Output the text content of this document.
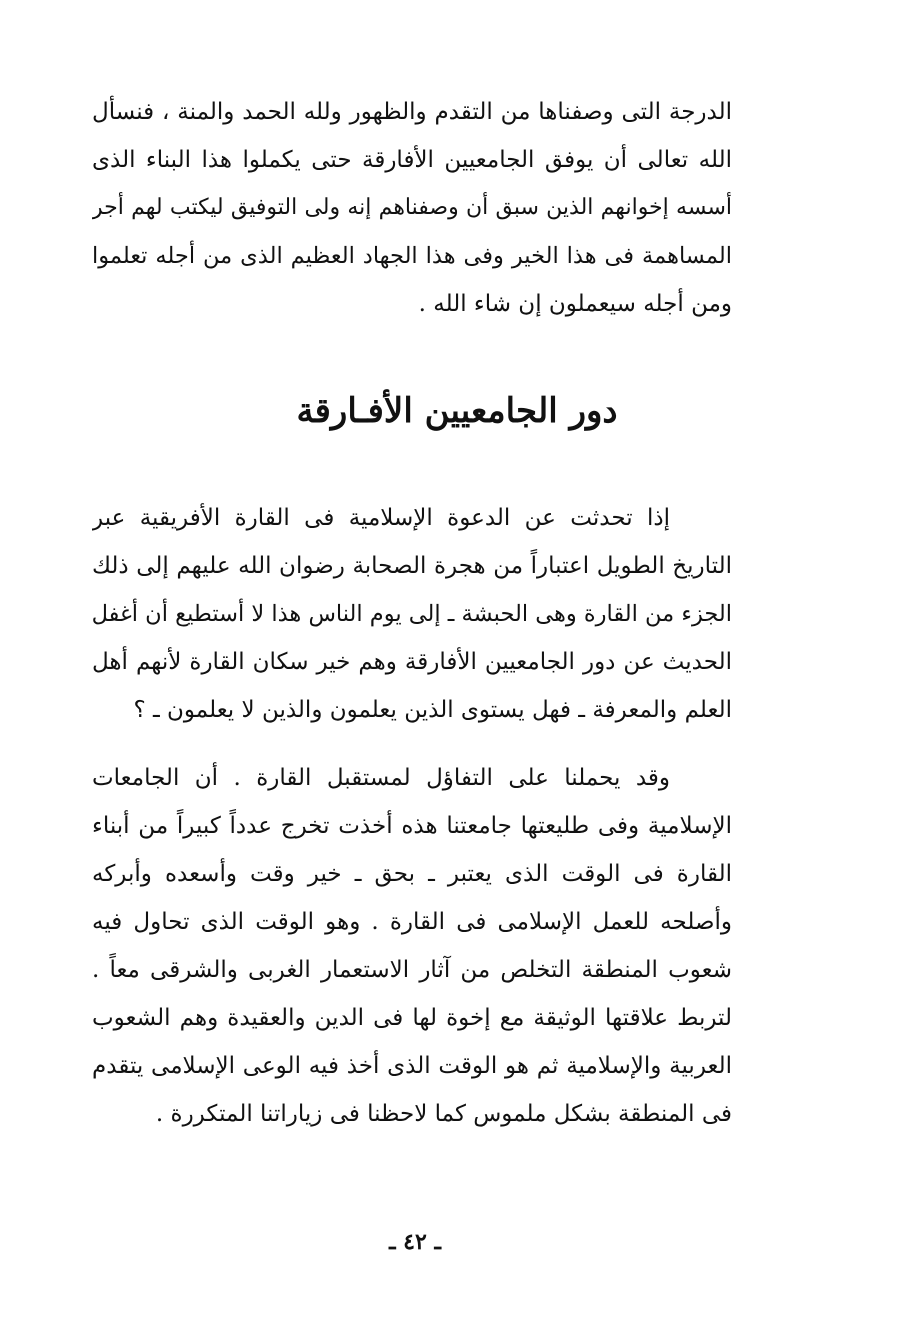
الدرجة التى وصفناها من التقدم والظهور ولله الحمد والمنة ، فنسأل
الله تعالى أن يوفق الجامعيين الأفارقة حتى يكملوا هذا البناء الذى
أسسه إخوانهم الذين سبق أن وصفناهم إنه ولى التوفيق ليكتب لهم أجر
المساهمة فى هذا الخير وفى هذا الجهاد العظيم الذى من أجله تعلموا
ومن أجله سيعملون إن شاء الله .
دور الجامعيين الأفـارقة
إذا تحدثت عن الدعوة الإسلامية فى القارة الأفريقية عبر
التاريخ الطويل اعتباراً من هجرة الصحابة رضوان الله عليهم إلى ذلك
الجزء من القارة وهى الحبشة ـ إلى يوم الناس هذا لا أستطيع أن أغفل
الحديث عن دور الجامعيين الأفارقة وهم خير سكان القارة لأنهم أهل
العلم والمعرفة ـ فهل يستوى الذين يعلمون والذين لا يعلمون ـ ؟
وقد يحملنا على التفاؤل لمستقبل القارة . أن الجامعات
الإسلامية وفى طليعتها جامعتنا هذه أخذت تخرج عدداً كبيراً من أبناء
القارة فى الوقت الذى يعتبر ـ بحق ـ خير وقت وأسعده وأبركه
وأصلحه للعمل الإسلامى فى القارة . وهو الوقت الذى تحاول فيه
شعوب المنطقة التخلص من آثار الاستعمار الغربى والشرقى معاً .
لتربط علاقتها الوثيقة مع إخوة لها فى الدين والعقيدة وهم الشعوب
العربية والإسلامية ثم هو الوقت الذى أخذ فيه الوعى الإسلامى يتقدم
فى المنطقة بشكل ملموس كما لاحظنا فى زياراتنا المتكررة .
ـ ٤٢ ـ
